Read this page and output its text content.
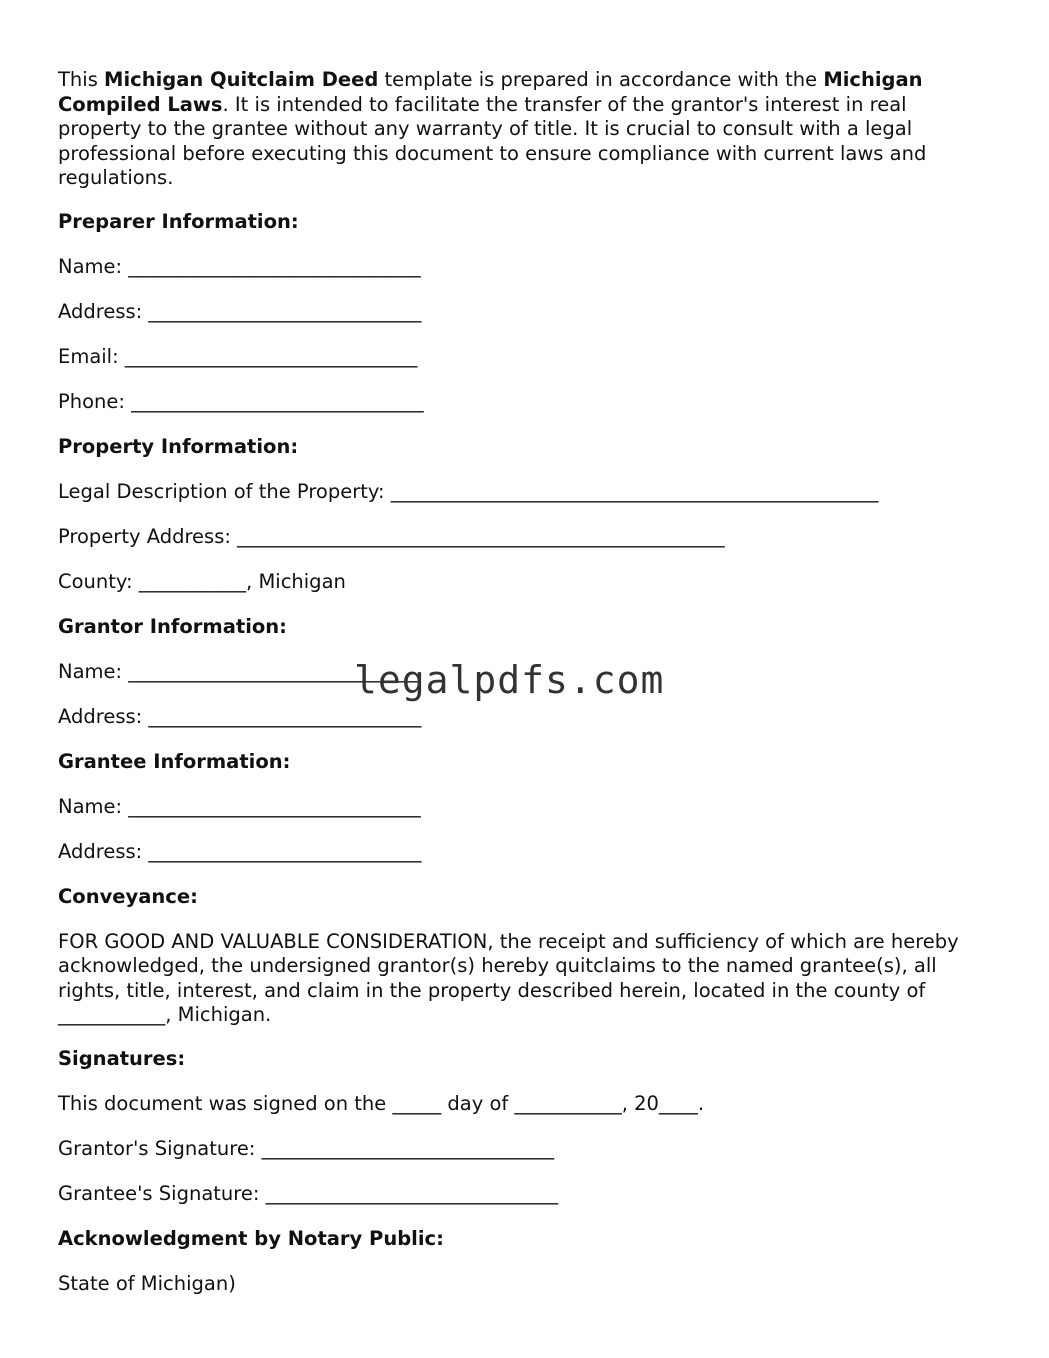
This Michigan Quitclaim Deed template is prepared in accordance with the Michigan Compiled Laws. It is intended to facilitate the transfer of the grantor's interest in real property to the grantee without any warranty of title. It is crucial to consult with a legal professional before executing this document to ensure compliance with current laws and regulations.

Preparer Information:
Name: ______________________________
Address: ____________________________
Email: ______________________________
Phone: ______________________________
Property Information:
Legal Description of the Property: __________________________________________________
Property Address: __________________________________________________
County: ___________, Michigan
Grantor Information:
Name: ______________________________
Address: ____________________________
Grantee Information:
Name: ______________________________
Address: ____________________________
Conveyance:

FOR GOOD AND VALUABLE CONSIDERATION, the receipt and sufficiency of which are hereby acknowledged, the undersigned grantor(s) hereby quitclaims to the named grantee(s), all rights, title, interest, and claim in the property described herein, located in the county of ___________, Michigan.

Signatures:
This document was signed on the _____ day of ___________, 20____.
Grantor's Signature: ______________________________
Grantee's Signature: ______________________________
Acknowledgment by Notary Public:
State of Michigan)
legalpdfs.com
